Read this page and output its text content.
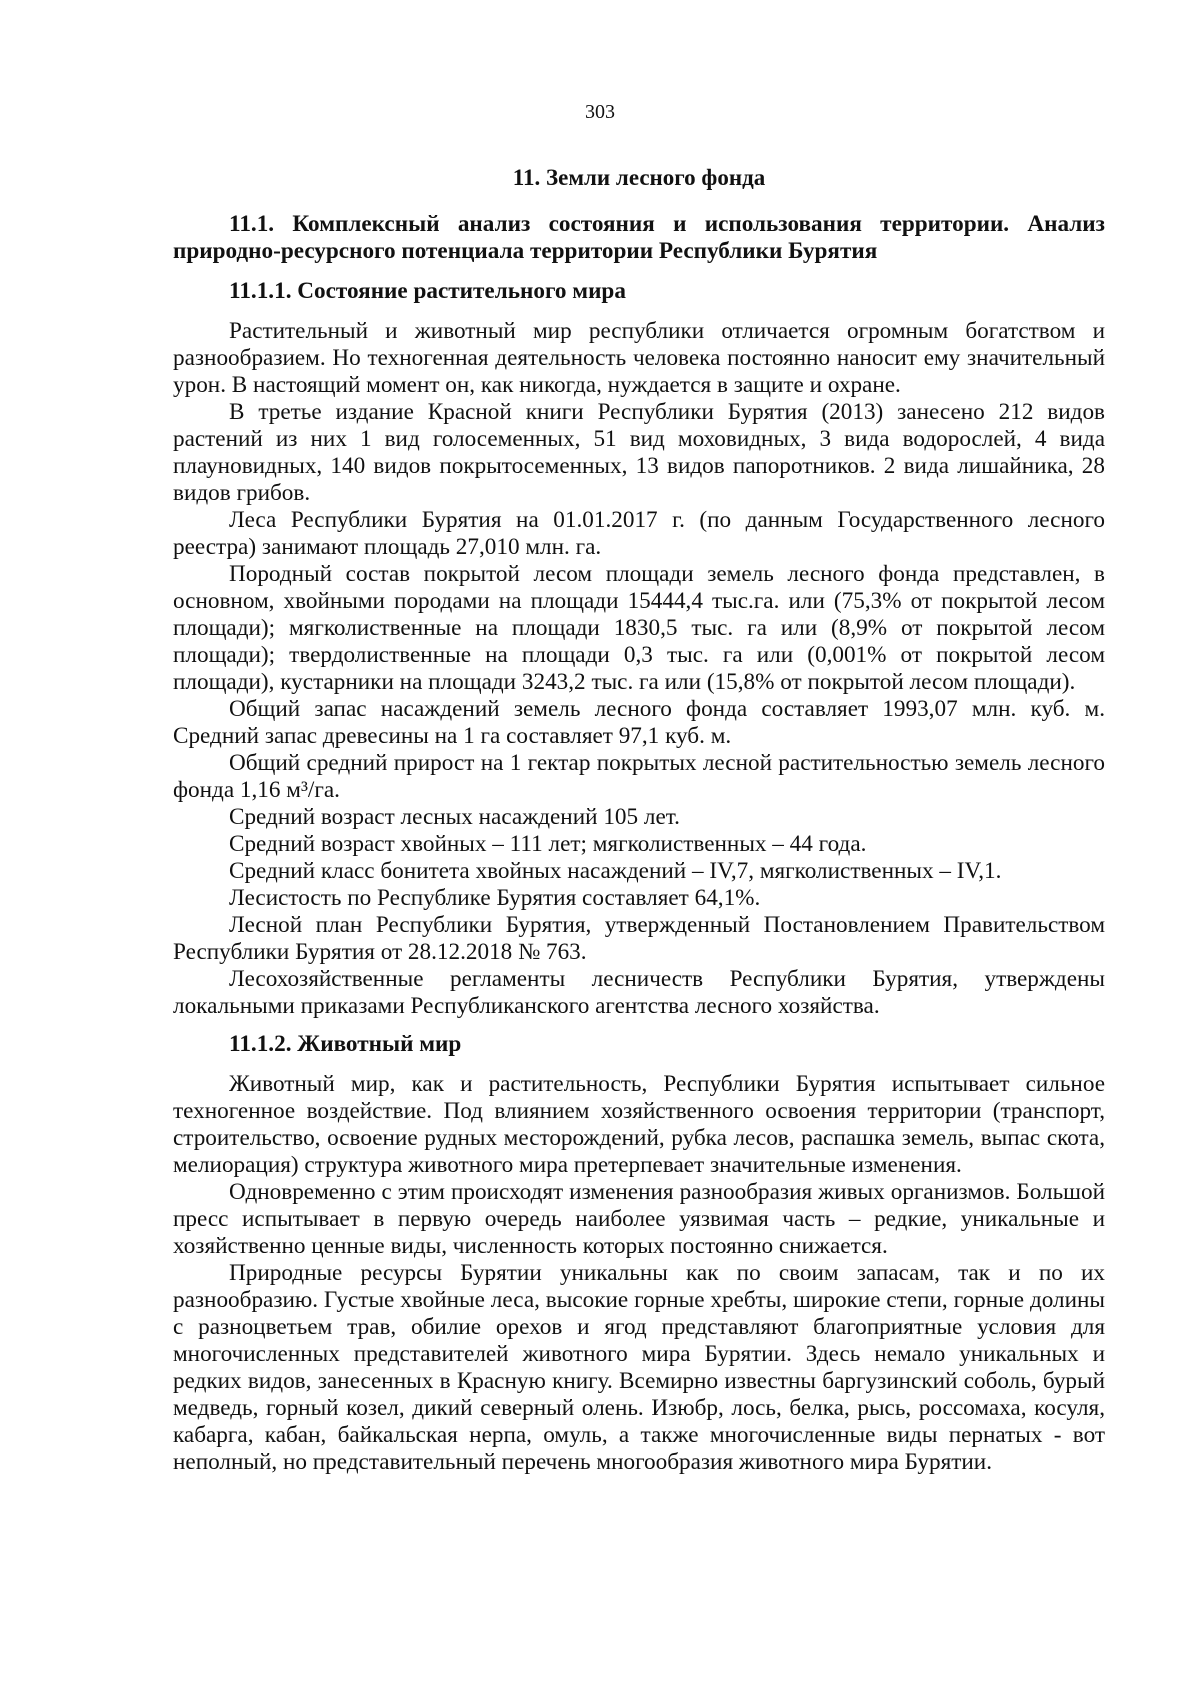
303
11. Земли лесного фонда
11.1. Комплексный анализ состояния и использования территории. Анализ природно-ресурсного потенциала территории Республики Бурятия
11.1.1. Состояние растительного мира

Растительный и животный мир республики отличается огромным богатством и разнообразием. Но техногенная деятельность человека постоянно наносит ему значительный урон. В настоящий момент он, как никогда, нуждается в защите и охране.

В третье издание Красной книги Республики Бурятия (2013) занесено 212 видов растений из них 1 вид голосеменных, 51 вид моховидных, 3 вида водорослей, 4 вида плауновидных, 140 видов покрытосеменных, 13 видов папоротников. 2 вида лишайника, 28 видов грибов.

Леса Республики Бурятия на 01.01.2017 г. (по данным Государственного лесного реестра) занимают площадь 27,010 млн. га.

Породный состав покрытой лесом площади земель лесного фонда представлен, в основном, хвойными породами на площади 15444,4 тыс.га. или (75,3% от покрытой лесом площади); мягколиственные на площади 1830,5 тыс. га или (8,9% от покрытой лесом площади); твердолиственные на площади 0,3 тыс. га или (0,001% от покрытой лесом площади), кустарники на площади 3243,2 тыс. га или (15,8% от покрытой лесом площади).

Общий запас насаждений земель лесного фонда составляет 1993,07 млн. куб. м. Средний запас древесины на 1 га составляет 97,1 куб. м.

Общий средний прирост на 1 гектар покрытых лесной растительностью земель лесного фонда 1,16 м³/га.

Средний возраст лесных насаждений 105 лет.

Средний возраст хвойных – 111 лет; мягколиственных – 44 года.

Средний класс бонитета хвойных насаждений – IV,7, мягколиственных – IV,1.

Лесистость по Республике Бурятия составляет 64,1%.

Лесной план Республики Бурятия, утвержденный Постановлением Правительством Республики Бурятия от 28.12.2018 № 763.

Лесохозяйственные регламенты лесничеств Республики Бурятия, утверждены локальными приказами Республиканского агентства лесного хозяйства.

11.1.2. Животный мир

Животный мир, как и растительность, Республики Бурятия испытывает сильное техногенное воздействие. Под влиянием хозяйственного освоения территории (транспорт, строительство, освоение рудных месторождений, рубка лесов, распашка земель, выпас скота, мелиорация) структура животного мира претерпевает значительные изменения.

Одновременно с этим происходят изменения разнообразия живых организмов. Большой пресс испытывает в первую очередь наиболее уязвимая часть – редкие, уникальные и хозяйственно ценные виды, численность которых постоянно снижается.

Природные ресурсы Бурятии уникальны как по своим запасам, так и по их разнообразию. Густые хвойные леса, высокие горные хребты, широкие степи, горные долины с разноцветьем трав, обилие орехов и ягод представляют благоприятные условия для многочисленных представителей животного мира Бурятии. Здесь немало уникальных и редких видов, занесенных в Красную книгу. Всемирно известны баргузинский соболь, бурый медведь, горный козел, дикий северный олень. Изюбр, лось, белка, рысь, россомаха, косуля, кабарга, кабан, байкальская нерпа, омуль, а также многочисленные виды пернатых - вот неполный, но представительный перечень многообразия животного мира Бурятии.
